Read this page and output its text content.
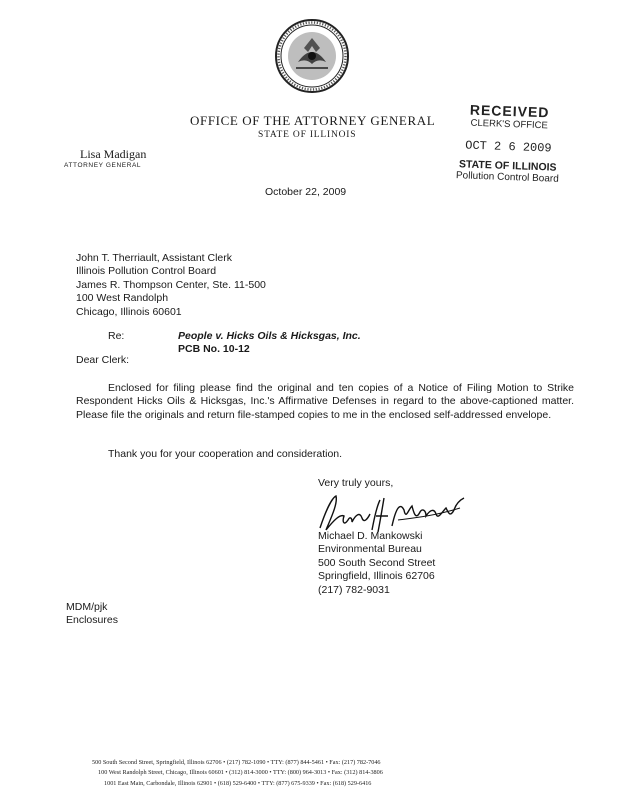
OFFICE OF THE ATTORNEY GENERAL
STATE OF ILLINOIS
RECEIVED
CLERK'S OFFICE
OCT 2 6 2009
STATE OF ILLINOIS
Pollution Control Board
Lisa Madigan
ATTORNEY GENERAL
October 22, 2009
John T. Therriault, Assistant Clerk
Illinois Pollution Control Board
James R. Thompson Center, Ste. 11-500
100 West Randolph
Chicago, Illinois 60601
Re:	People v. Hicks Oils & Hicksgas, Inc.
PCB No. 10-12
Dear Clerk:
Enclosed for filing please find the original and ten copies of a Notice of Filing Motion to Strike Respondent Hicks Oils & Hicksgas, Inc.'s Affirmative Defenses in regard to the above-captioned matter. Please file the originals and return file-stamped copies to me in the enclosed self-addressed envelope.
Thank you for your cooperation and consideration.
Very truly yours,
Michael D. Mankowski
Environmental Bureau
500 South Second Street
Springfield, Illinois 62706
(217) 782-9031
MDM/pjk
Enclosures
500 South Second Street, Springfield, Illinois 62706 • (217) 782-1090 • TTY: (877) 844-5461 • Fax: (217) 782-7046
100 West Randolph Street, Chicago, Illinois 60601 • (312) 814-3000 • TTY: (800) 964-3013 • Fax: (312) 814-3806
1001 East Main, Carbondale, Illinois 62901 • (618) 529-6400 • TTY: (877) 675-9339 • Fax: (618) 529-6416
